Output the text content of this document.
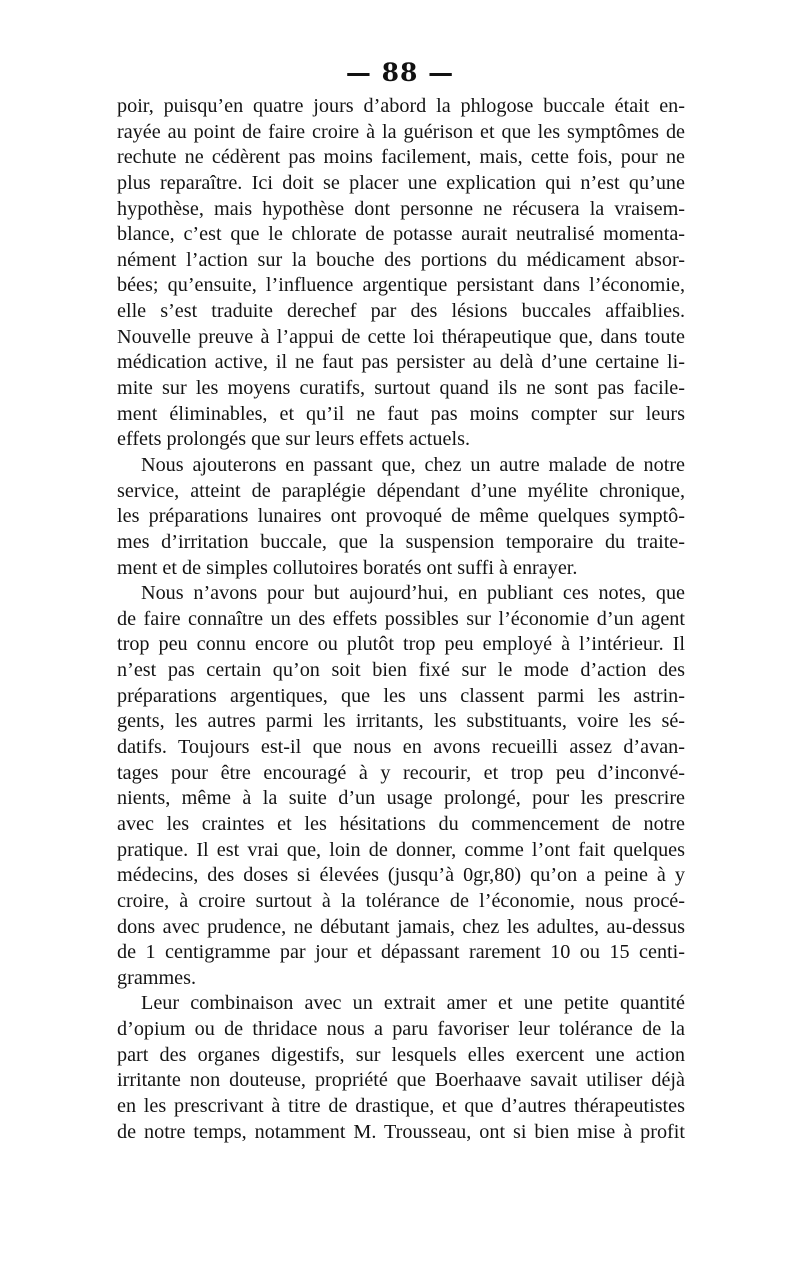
— 88 —
poir, puisqu’en quatre jours d’abord la phlogose buccale était en-
rayée au point de faire croire à la guérison et que les symptômes de
rechute ne cédèrent pas moins facilement, mais, cette fois, pour ne
plus reparaître. Ici doit se placer une explication qui n’est qu’une
hypothèse, mais hypothèse dont personne ne récusera la vraisem-
blance, c’est que le chlorate de potasse aurait neutralisé momenta-
nément l’action sur la bouche des portions du médicament absor-
bées; qu’ensuite, l’influence argentique persistant dans l’économie,
elle s’est traduite derechef par des lésions buccales affaiblies.
Nouvelle preuve à l’appui de cette loi thérapeutique que, dans toute
médication active, il ne faut pas persister au delà d’une certaine li-
mite sur les moyens curatifs, surtout quand ils ne sont pas facile-
ment éliminables, et qu’il ne faut pas moins compter sur leurs
effets prolongés que sur leurs effets actuels.
Nous ajouterons en passant que, chez un autre malade de notre
service, atteint de paraplégie dépendant d’une myélite chronique,
les préparations lunaires ont provoqué de même quelques symptô-
mes d’irritation buccale, que la suspension temporaire du traite-
ment et de simples collutoires boratés ont suffi à enrayer.
Nous n’avons pour but aujourd’hui, en publiant ces notes, que
de faire connaître un des effets possibles sur l’économie d’un agent
trop peu connu encore ou plutôt trop peu employé à l’intérieur. Il
n’est pas certain qu’on soit bien fixé sur le mode d’action des
préparations argentiques, que les uns classent parmi les astrin-
gents, les autres parmi les irritants, les substituants, voire les sé-
datifs. Toujours est-il que nous en avons recueilli assez d’avan-
tages pour être encouragé à y recourir, et trop peu d’inconvé-
nients, même à la suite d’un usage prolongé, pour les prescrire
avec les craintes et les hésitations du commencement de notre
pratique. Il est vrai que, loin de donner, comme l’ont fait quelques
médecins, des doses si élevées (jusqu’à 0gr,80) qu’on a peine à y
croire, à croire surtout à la tolérance de l’économie, nous procé-
dons avec prudence, ne débutant jamais, chez les adultes, au-dessus
de 1 centigramme par jour et dépassant rarement 10 ou 15 centi-
grammes.
Leur combinaison avec un extrait amer et une petite quantité
d’opium ou de thridace nous a paru favoriser leur tolérance de la
part des organes digestifs, sur lesquels elles exercent une action
irritante non douteuse, propriété que Boerhaave savait utiliser déjà
en les prescrivant à titre de drastique, et que d’autres thérapeutistes
de notre temps, notamment M. Trousseau, ont si bien mise à profit
